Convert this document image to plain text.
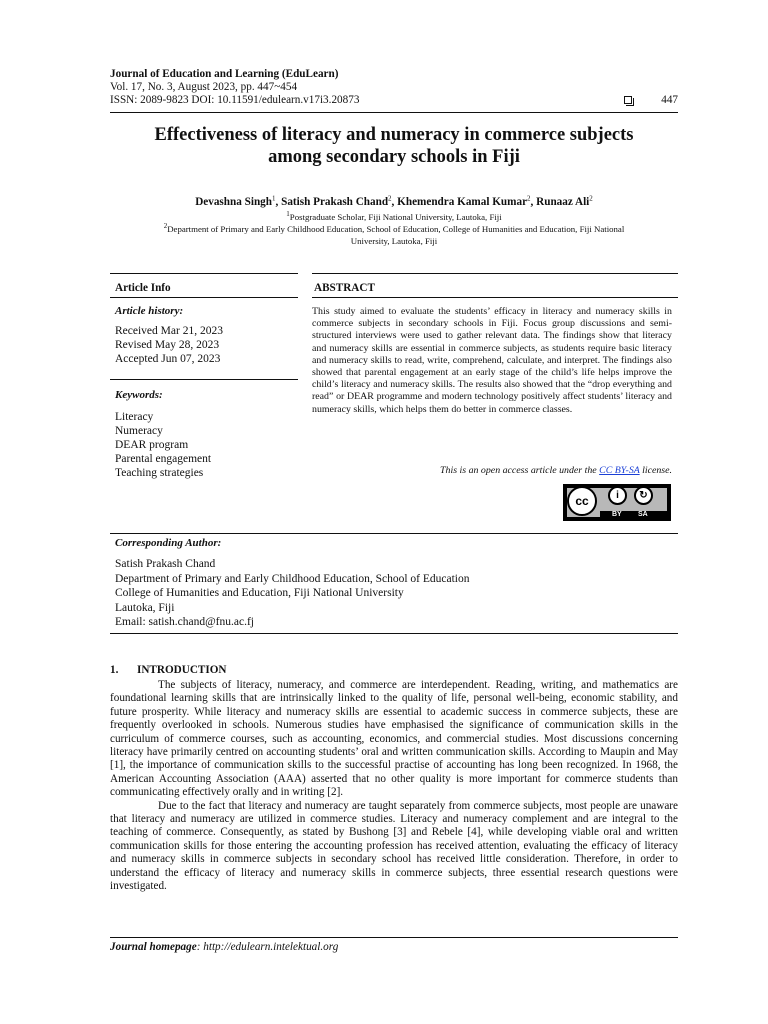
Journal of Education and Learning (EduLearn)
Vol. 17, No. 3, August 2023, pp. 447~454
ISSN: 2089-9823 DOI: 10.11591/edulearn.v17i3.20873	447
Effectiveness of literacy and numeracy in commerce subjects
among secondary schools in Fiji
Devashna Singh$^1$, Satish Prakash Chand$^2$, Khemendra Kamal Kumar$^2$, Runaaz Ali$^2$
$^1$Postgraduate Scholar, Fiji National University, Lautoka, Fiji
$^2$Department of Primary and Early Childhood Education, School of Education, College of Humanities and Education, Fiji National
University, Lautoka, Fiji
Article Info	ABSTRACT
Article history:
Received Mar 21, 2023
Revised May 28, 2023
Accepted Jun 07, 2023
Keywords:
Literacy
Numeracy
DEAR program
Parental engagement
Teaching strategies
This study aimed to evaluate the students’ efficacy in literacy and numeracy skills in commerce subjects in secondary schools in Fiji. Focus group discussions and semi-structured interviews were used to gather relevant data. The findings show that literacy and numeracy skills are essential in commerce subjects, as students require basic literacy and numeracy skills to read, write, comprehend, calculate, and interpret. The findings also showed that parental engagement at an early stage of the child’s life helps improve the child’s literacy and numeracy skills. The results also showed that the “drop everything and read” or DEAR programme and modern technology positively affect students’ literacy and numeracy skills, which helps them do better in commerce classes.
This is an open access article under the CC BY-SA license.
cc	i	↻
BY SA
Corresponding Author:
Satish Prakash Chand
Department of Primary and Early Childhood Education, School of Education
College of Humanities and Education, Fiji National University
Lautoka, Fiji
Email: satish.chand@fnu.ac.fj
1. INTRODUCTION

The subjects of literacy, numeracy, and commerce are interdependent. Reading, writing, and mathematics are foundational learning skills that are intrinsically linked to the quality of life, personal well-being, economic stability, and future prosperity. While literacy and numeracy skills are essential to academic success in commerce subjects, these are frequently overlooked in schools. Numerous studies have emphasised the significance of communication skills in the curriculum of commerce courses, such as accounting, economics, and commercial studies. Most discussions concerning literacy have primarily centred on accounting students’ oral and written communication skills. According to Maupin and May [1], the importance of communication skills to the successful practise of accounting has long been recognized. In 1968, the American Accounting Association (AAA) asserted that no other quality is more important for commerce students than communicating effectively orally and in writing [2].

Due to the fact that literacy and numeracy are taught separately from commerce subjects, most people are unaware that literacy and numeracy are utilized in commerce studies. Literacy and numeracy complement and are integral to the teaching of commerce. Consequently, as stated by Bushong [3] and Rebele [4], while developing viable oral and written communication skills for those entering the accounting profession has received attention, evaluating the efficacy of literacy and numeracy skills in commerce subjects in secondary school has received little consideration. Therefore, in order to understand the efficacy of literacy and numeracy skills in commerce subjects, three essential research questions were investigated.

Journal homepage: http://edulearn.intelektual.org
